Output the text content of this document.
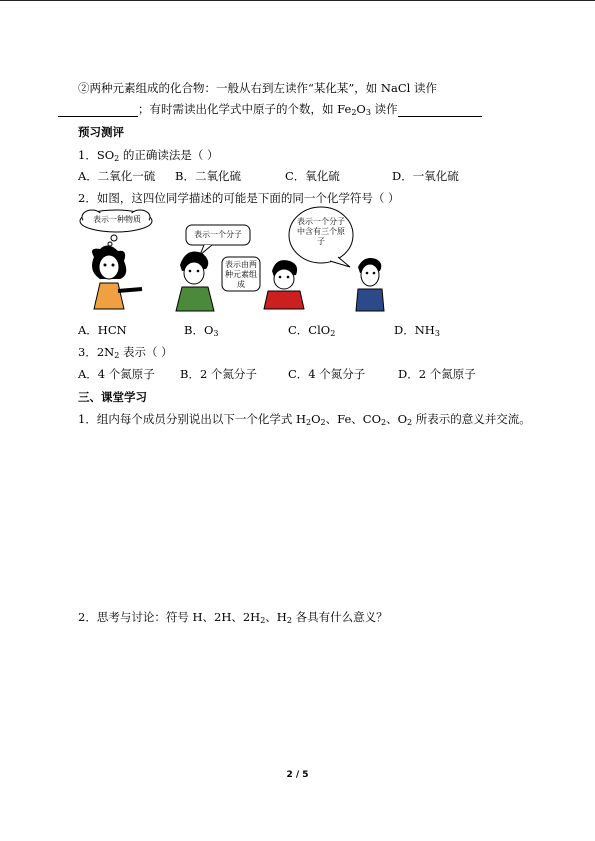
②两种元素组成的化合物：一般从右到左读作“某化某”，如 NaCl 读作
；有时需读出化学式中原子的个数，如 $Fe_2O_3$ 读作
预习测评
1．$SO_2$ 的正确读法是（ ）
A．二氧化一硫 B．二氧化硫	C．氧化硫	D．一氧化硫
2．如图，这四位同学描述的可能是下面的同一个化学符号（ ）
表示一种物质
表示一个分子
表示由两种元素组成
表示一个分子中含有三个原子
A．HCN	B．$O_3$	C．ClO$_2$	D．$NH_3$
3．$2N_2$ 表示（ ）
A．4 个氮原子 B．2 个氮分子	C．4 个氮分子	D．2 个氮原子
三、课堂学习
1．组内每个成员分别说出以下一个化学式 $H_2O_2$、Fe、$CO_2$、$O_2$ 所表示的意义并交流。
2．思考与讨论：符号 H、2H、$2H_2$、$H_2$ 各具有什么意义？
2 / 5
